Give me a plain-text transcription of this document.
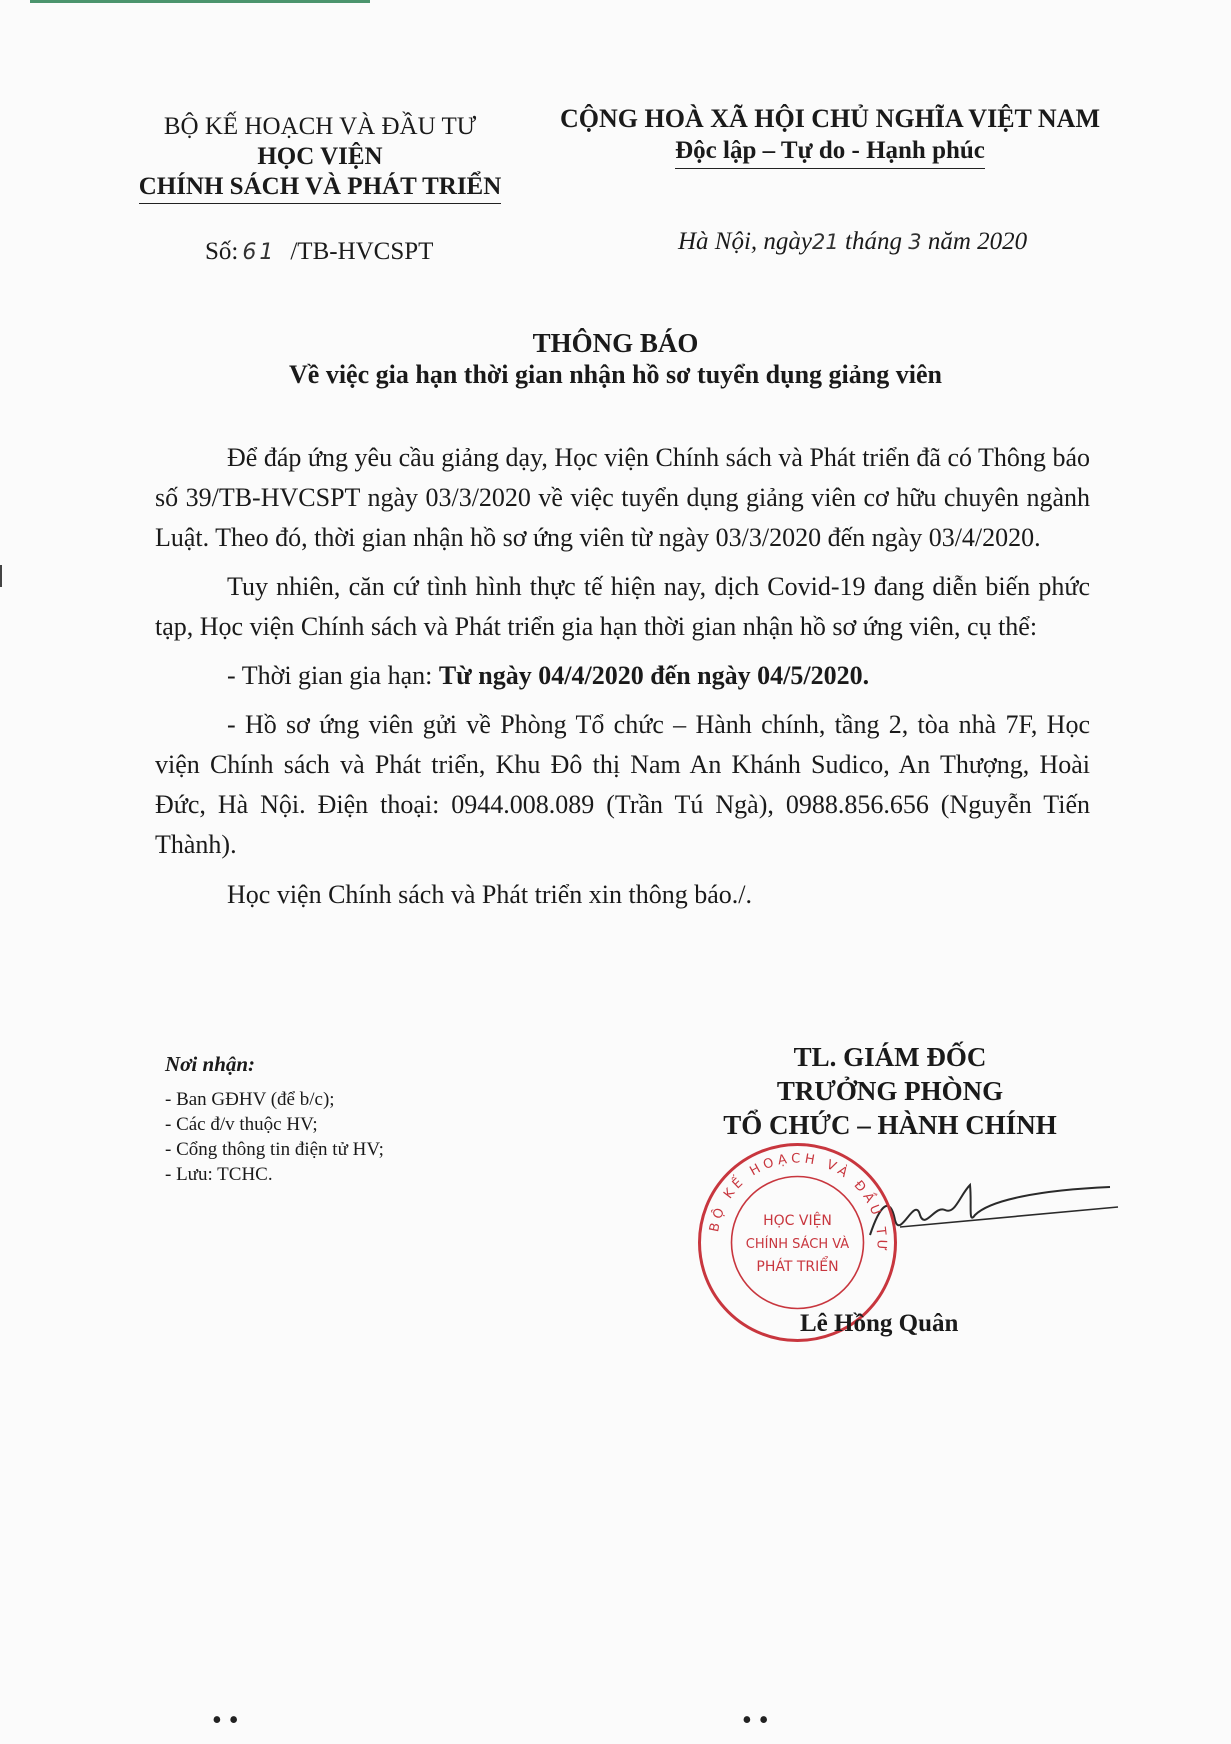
BỘ KẾ HOẠCH VÀ ĐẦU TƯ
HỌC VIỆN
CHÍNH SÁCH VÀ PHÁT TRIỂN
CỘNG HOÀ XÃ HỘI CHỦ NGHĨA VIỆT NAM
Độc lập – Tự do - Hạnh phúc
Số: 61 /TB-HVCSPT	Hà Nội, ngày21 tháng 3 năm 2020
THÔNG BÁO
Về việc gia hạn thời gian nhận hồ sơ tuyển dụng giảng viên

Để đáp ứng yêu cầu giảng dạy, Học viện Chính sách và Phát triển đã có Thông báo số 39/TB-HVCSPT ngày 03/3/2020 về việc tuyển dụng giảng viên cơ hữu chuyên ngành Luật. Theo đó, thời gian nhận hồ sơ ứng viên từ ngày 03/3/2020 đến ngày 03/4/2020.

Tuy nhiên, căn cứ tình hình thực tế hiện nay, dịch Covid-19 đang diễn biến phức tạp, Học viện Chính sách và Phát triển gia hạn thời gian nhận hồ sơ ứng viên, cụ thể:

- Thời gian gia hạn: Từ ngày 04/4/2020 đến ngày 04/5/2020.

- Hồ sơ ứng viên gửi về Phòng Tổ chức – Hành chính, tầng 2, tòa nhà 7F, Học viện Chính sách và Phát triển, Khu Đô thị Nam An Khánh Sudico, An Thượng, Hoài Đức, Hà Nội. Điện thoại: 0944.008.089 (Trần Tú Ngà), 0988.856.656 (Nguyễn Tiến Thành).

Học viện Chính sách và Phát triển xin thông báo./.

Nơi nhận:
- Ban GĐHV (để b/c);
- Các đ/v thuộc HV;
- Cổng thông tin điện tử HV;
- Lưu: TCHC.
TL. GIÁM ĐỐC
TRƯỞNG PHÒNG
TỔ CHỨC – HÀNH CHÍNH
BỘ KẾ HOẠCH VÀ ĐẦU TƯ
HỌC VIỆN
CHÍNH SÁCH VÀ
PHÁT TRIỂN
Lê Hồng Quân
• •	• •
